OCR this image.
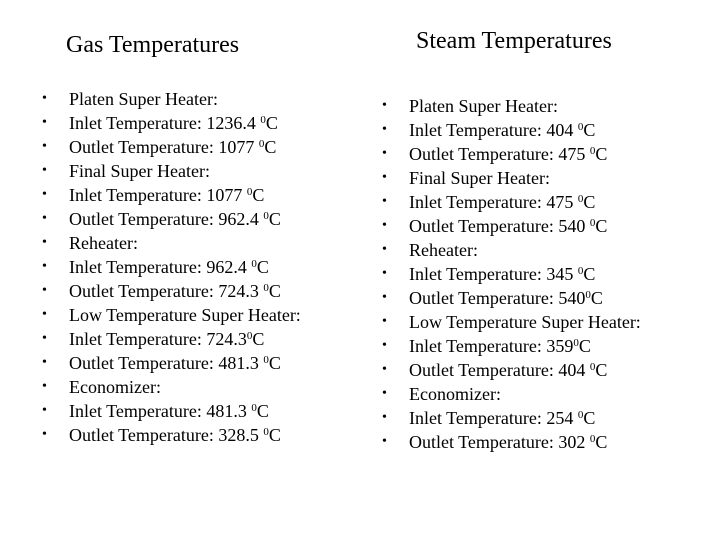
Gas Temperatures
• Platen Super Heater:
• Inlet Temperature: 1236.4 $^0$C
• Outlet Temperature: 1077 $^0$C
• Final Super Heater:
• Inlet Temperature: 1077 $^0$C
• Outlet Temperature: 962.4 $^0$C
• Reheater:
• Inlet Temperature: 962.4 $^0$C
• Outlet Temperature: 724.3 $^0$C
• Low Temperature Super Heater:
• Inlet Temperature: 724.3$^0$C
• Outlet Temperature: 481.3 $^0$C
• Economizer:
• Inlet Temperature: 481.3 $^0$C
• Outlet Temperature: 328.5 $^0$C
Steam Temperatures
• Platen Super Heater:
• Inlet Temperature: 404 $^0$C
• Outlet Temperature: 475 $^0$C
• Final Super Heater:
• Inlet Temperature: 475 $^0$C
• Outlet Temperature: 540 $^0$C
• Reheater:
• Inlet Temperature: 345 $^0$C
• Outlet Temperature: $540^0C$
• Low Temperature Super Heater:
• Inlet Temperature: $359^0C$
• Outlet Temperature: 404 $^0$C
• Economizer:
• Inlet Temperature: 254 $^0$C
• Outlet Temperature: 302 $^0$C
